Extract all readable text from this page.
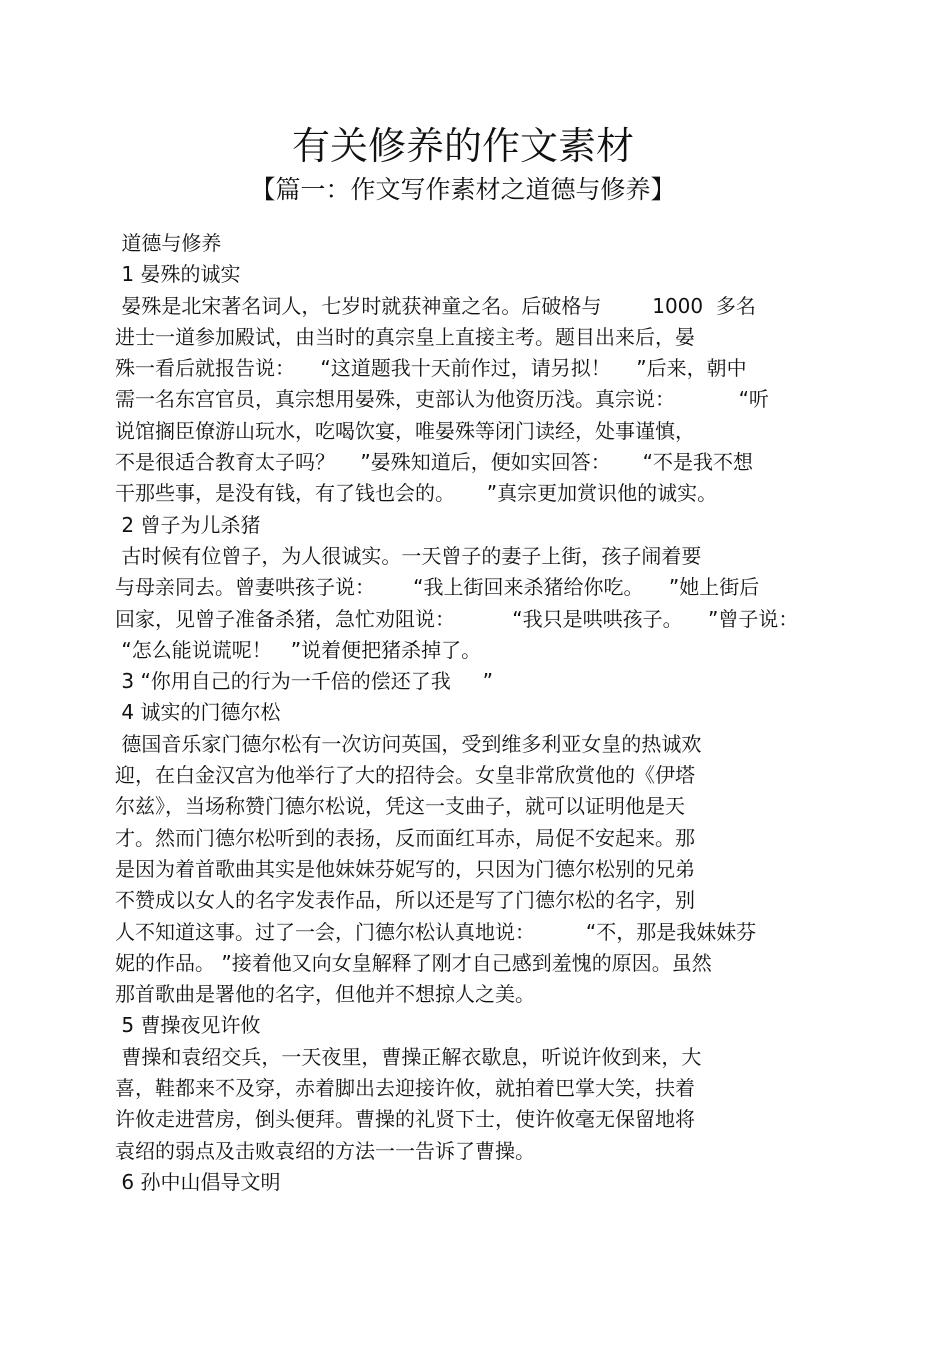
有关修养的作文素材
【篇一：作文写作素材之道德与修养】
道德与修养
1 晏殊的诚实
晏殊是北宋著名词人，七岁时就获神童之名。后破格与        1000  多名
进士一道参加殿试，由当时的真宗皇上直接主考。题目出来后，晏
殊一看后就报告说：    “这道题我十天前作过，请另拟！    ”后来，朝中
需一名东宫官员，真宗想用晏殊，吏部认为他资历浅。真宗说：          “听
说馆搁臣僚游山玩水，吃喝饮宴，唯晏殊等闭门读经，处事谨慎，
不是很适合教育太子吗？    ”晏殊知道后，便如实回答：     “不是我不想
干那些事，是没有钱，有了钱也会的。     ”真宗更加赏识他的诚实。
2 曾子为儿杀猪
古时候有位曾子，为人很诚实。一天曾子的妻子上街，孩子闹着要
与母亲同去。曾妻哄孩子说：      “我上街回来杀猪给你吃。    ”她上街后
回家，见曾子准备杀猪，急忙劝阻说：         “我只是哄哄孩子。    ”曾子说：
“怎么能说谎呢！   ”说着便把猪杀掉了。
3 “你用自己的行为一千倍的偿还了我     ”
4 诚实的门德尔松
德国音乐家门德尔松有一次访问英国，受到维多利亚女皇的热诚欢
迎，在白金汉宫为他举行了大的招待会。女皇非常欣赏他的《伊塔
尔兹》，当场称赞门德尔松说，凭这一支曲子，就可以证明他是天
才。然而门德尔松听到的表扬，反而面红耳赤，局促不安起来。那
是因为着首歌曲其实是他妹妹芬妮写的，只因为门德尔松别的兄弟
不赞成以女人的名字发表作品，所以还是写了门德尔松的名字，别
人不知道这事。过了一会，门德尔松认真地说：        “不，那是我妹妹芬
妮的作品。 ”接着他又向女皇解释了刚才自己感到羞愧的原因。虽然
那首歌曲是署他的名字，但他并不想掠人之美。
5 曹操夜见许攸
曹操和袁绍交兵，一天夜里，曹操正解衣歇息，听说许攸到来，大
喜，鞋都来不及穿，赤着脚出去迎接许攸，就拍着巴掌大笑，扶着
许攸走进营房，倒头便拜。曹操的礼贤下士，使许攸毫无保留地将
袁绍的弱点及击败袁绍的方法一一告诉了曹操。
6 孙中山倡导文明
